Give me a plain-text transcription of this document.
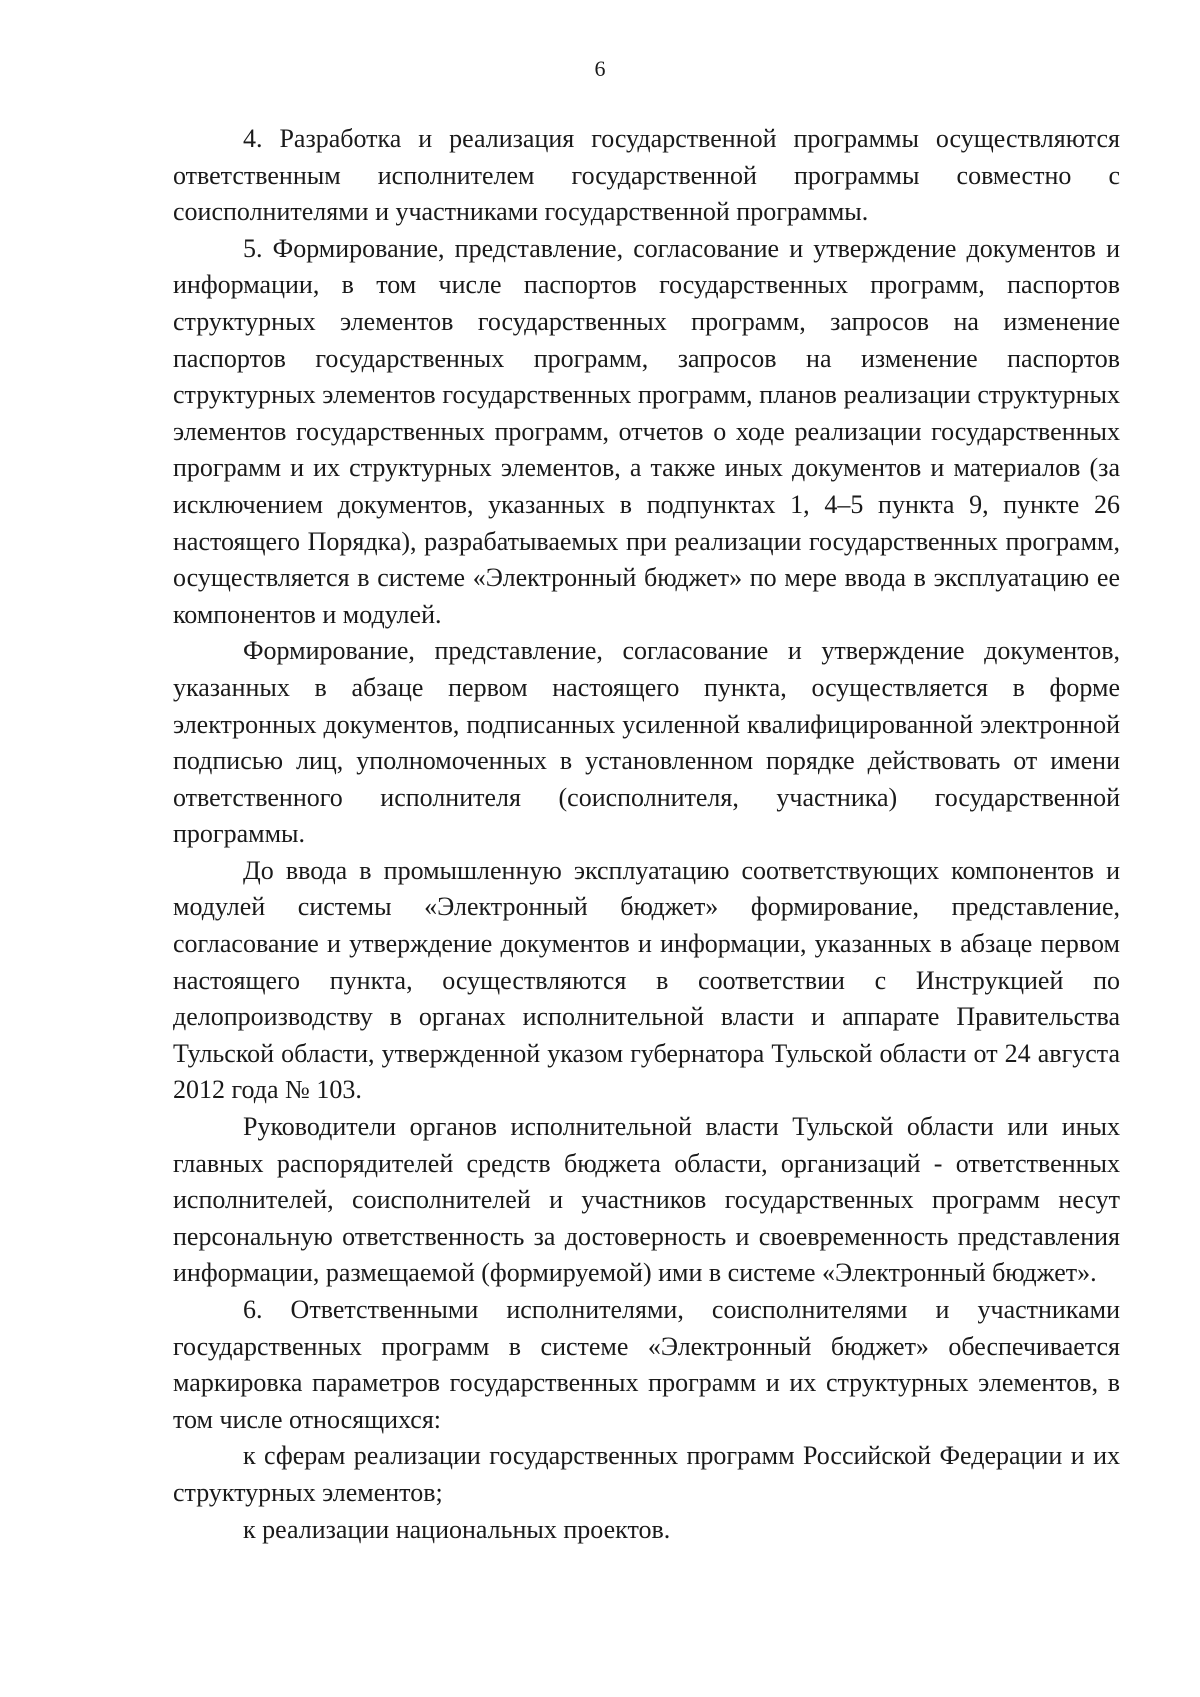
6

4. Разработка и реализация государственной программы осуществляются ответственным исполнителем государственной программы совместно с соисполнителями и участниками государственной программы.

5. Формирование, представление, согласование и утверждение документов и информации, в том числе паспортов государственных программ, паспортов структурных элементов государственных программ, запросов на изменение паспортов государственных программ, запросов на изменение паспортов структурных элементов государственных программ, планов реализации структурных элементов государственных программ, отчетов о ходе реализации государственных программ и их структурных элементов, а также иных документов и материалов (за исключением документов, указанных в подпунктах 1, 4–5 пункта 9, пункте 26 настоящего Порядка), разрабатываемых при реализации государственных программ, осуществляется в системе «Электронный бюджет» по мере ввода в эксплуатацию ее компонентов и модулей.

Формирование, представление, согласование и утверждение документов, указанных в абзаце первом настоящего пункта, осуществляется в форме электронных документов, подписанных усиленной квалифицированной электронной подписью лиц, уполномоченных в установленном порядке действовать от имени ответственного исполнителя (соисполнителя, участника) государственной программы.

До ввода в промышленную эксплуатацию соответствующих компонентов и модулей системы «Электронный бюджет» формирование, представление, согласование и утверждение документов и информации, указанных в абзаце первом настоящего пункта, осуществляются в соответствии с Инструкцией по делопроизводству в органах исполнительной власти и аппарате Правительства Тульской области, утвержденной указом губернатора Тульской области от 24 августа 2012 года № 103.

Руководители органов исполнительной власти Тульской области или иных главных распорядителей средств бюджета области, организаций - ответственных исполнителей, соисполнителей и участников государственных программ несут персональную ответственность за достоверность и своевременность представления информации, размещаемой (формируемой) ими в системе «Электронный бюджет».

6. Ответственными исполнителями, соисполнителями и участниками государственных программ в системе «Электронный бюджет» обеспечивается маркировка параметров государственных программ и их структурных элементов, в том числе относящихся:

к сферам реализации государственных программ Российской Федерации и их структурных элементов;

к реализации национальных проектов.
